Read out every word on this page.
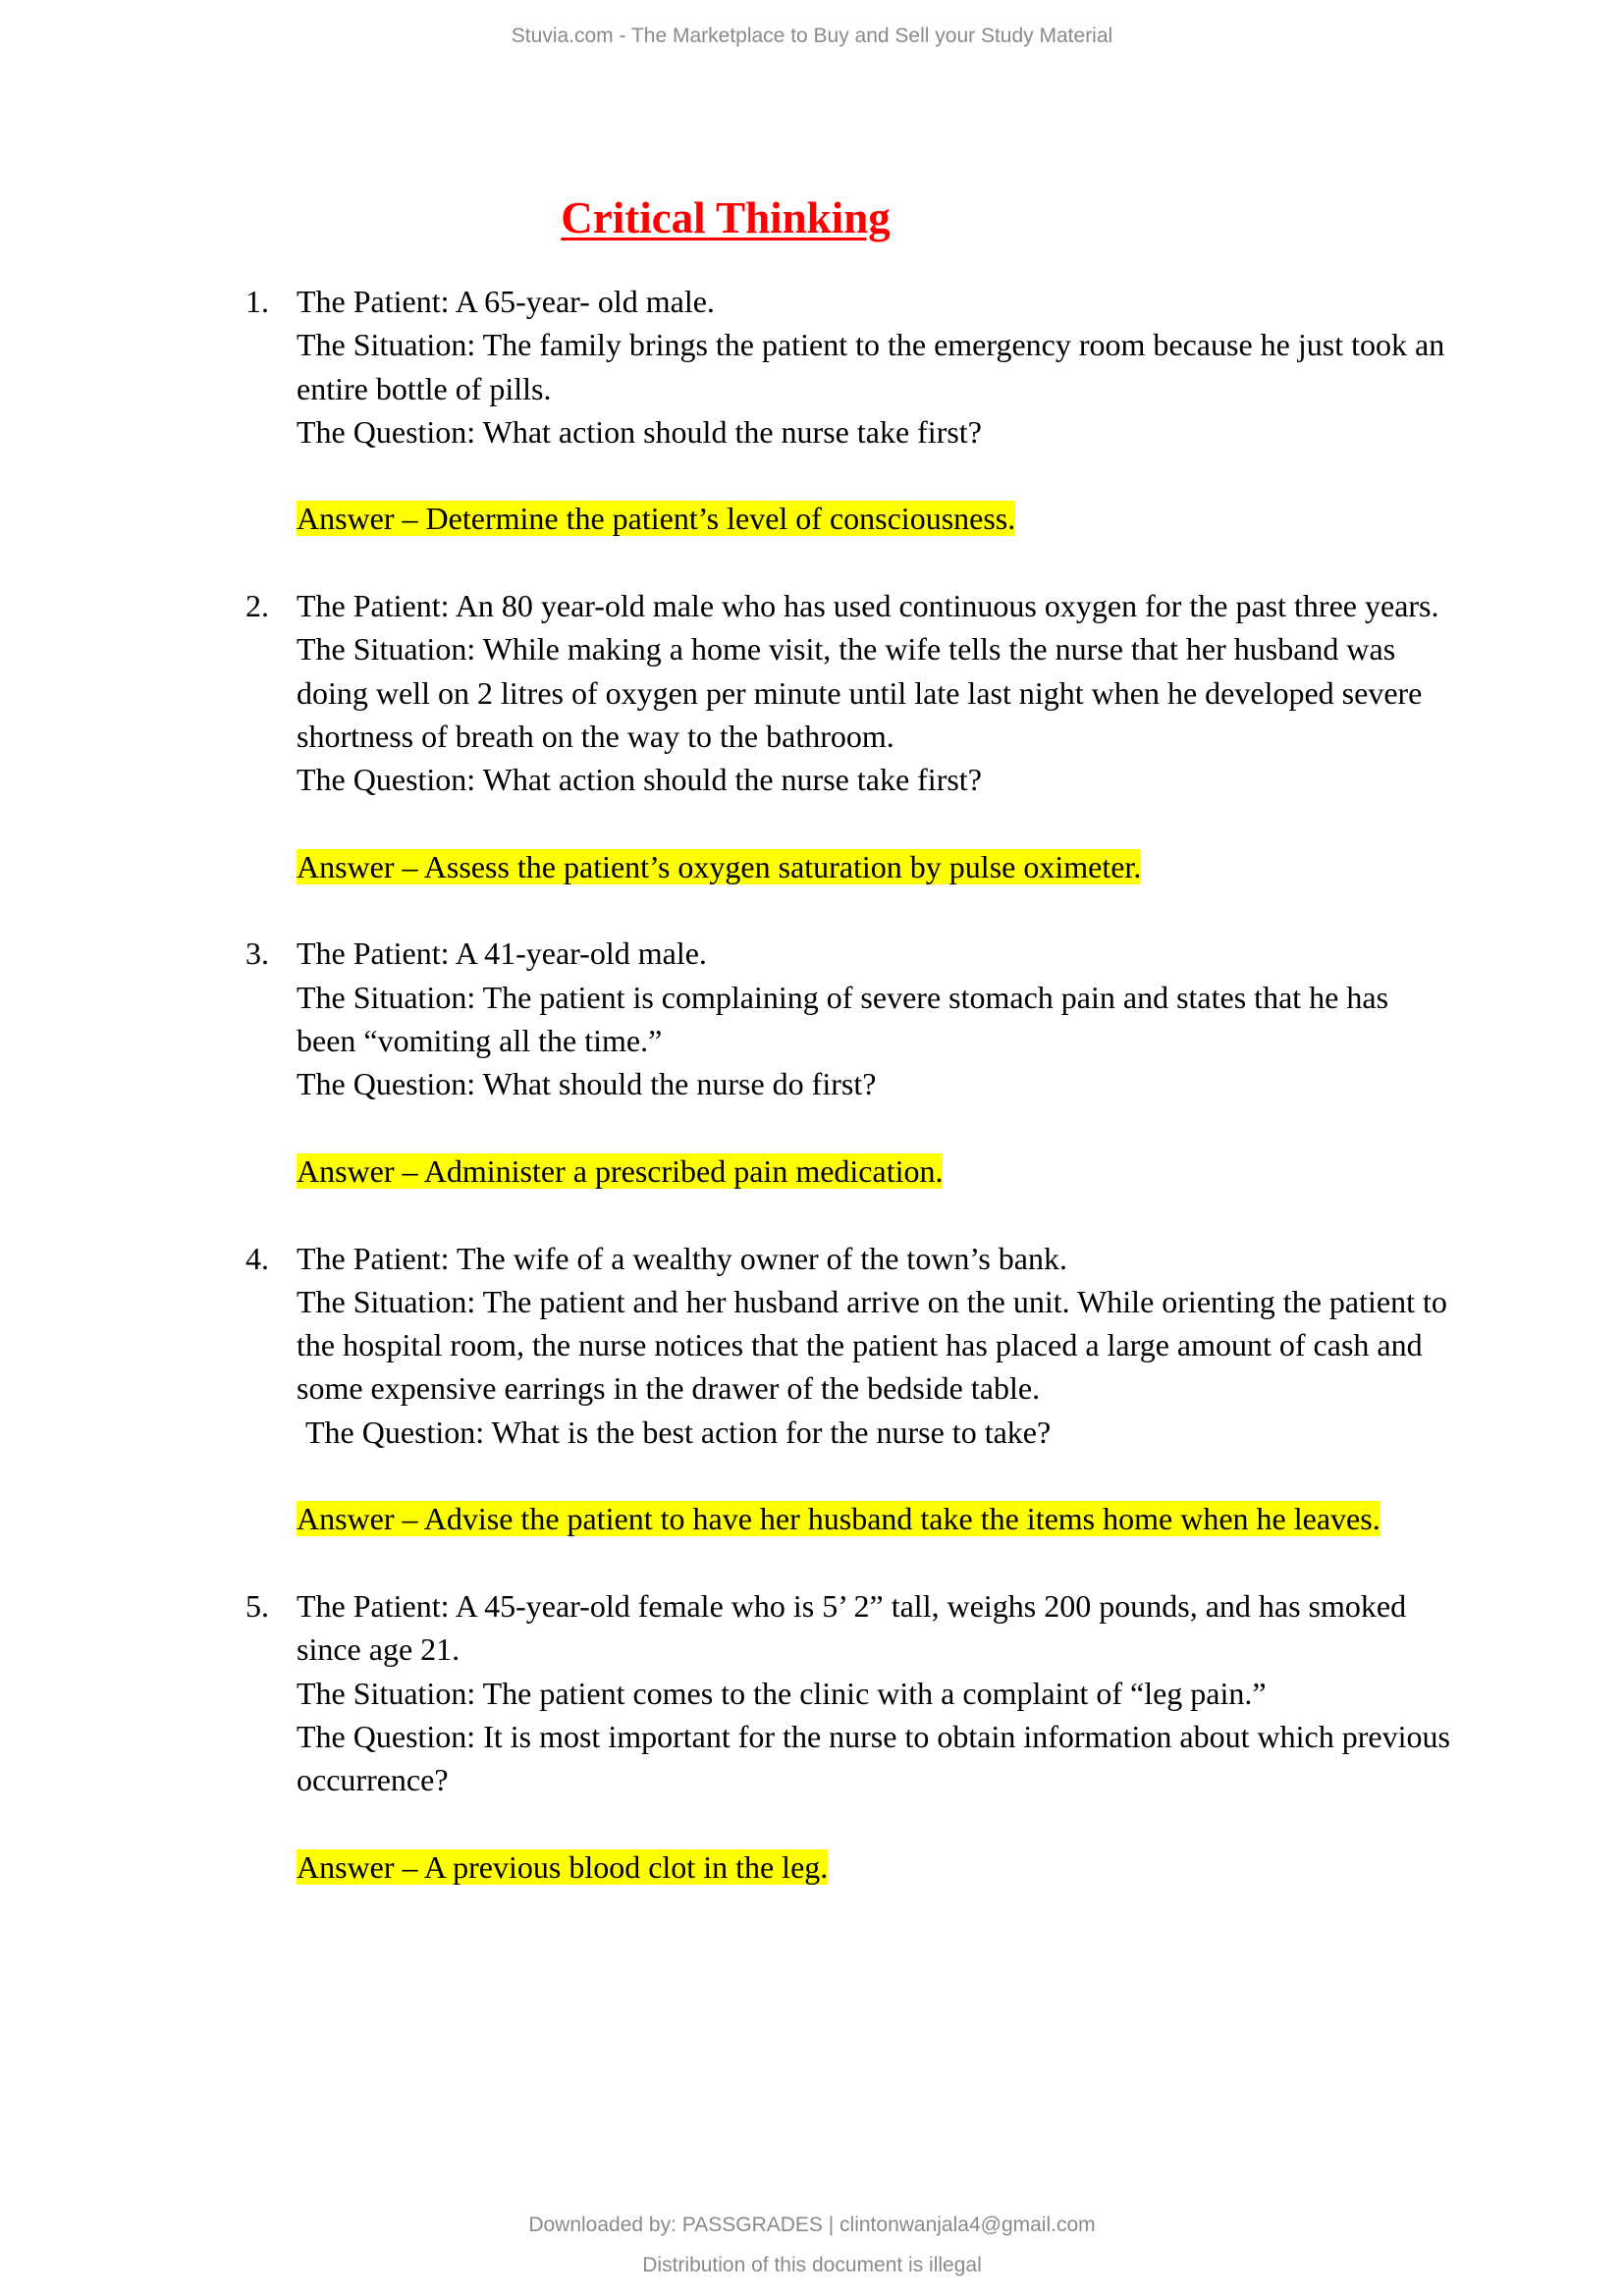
Stuvia.com - The Marketplace to Buy and Sell your Study Material
Critical Thinking
1. The Patient: A 65-year- old male.
The Situation: The family brings the patient to the emergency room because he just took an entire bottle of pills.
The Question: What action should the nurse take first?
Answer – Determine the patient’s level of consciousness.
2. The Patient: An 80 year-old male who has used continuous oxygen for the past three years.
The Situation: While making a home visit, the wife tells the nurse that her husband was doing well on 2 litres of oxygen per minute until late last night when he developed severe shortness of breath on the way to the bathroom.
The Question: What action should the nurse take first?
Answer – Assess the patient’s oxygen saturation by pulse oximeter.
3. The Patient: A 41-year-old male.
The Situation: The patient is complaining of severe stomach pain and states that he has been “vomiting all the time.”
The Question: What should the nurse do first?
Answer – Administer a prescribed pain medication.
4. The Patient: The wife of a wealthy owner of the town’s bank.
The Situation: The patient and her husband arrive on the unit. While orienting the patient to the hospital room, the nurse notices that the patient has placed a large amount of cash and some expensive earrings in the drawer of the bedside table.
The Question: What is the best action for the nurse to take?
Answer – Advise the patient to have her husband take the items home when he leaves.
5. The Patient: A 45-year-old female who is 5’ 2” tall, weighs 200 pounds, and has smoked since age 21.
The Situation: The patient comes to the clinic with a complaint of “leg pain.”
The Question: It is most important for the nurse to obtain information about which previous occurrence?
Answer – A previous blood clot in the leg.
Downloaded by: PASSGRADES | clintonwanjala4@gmail.com
Distribution of this document is illegal
